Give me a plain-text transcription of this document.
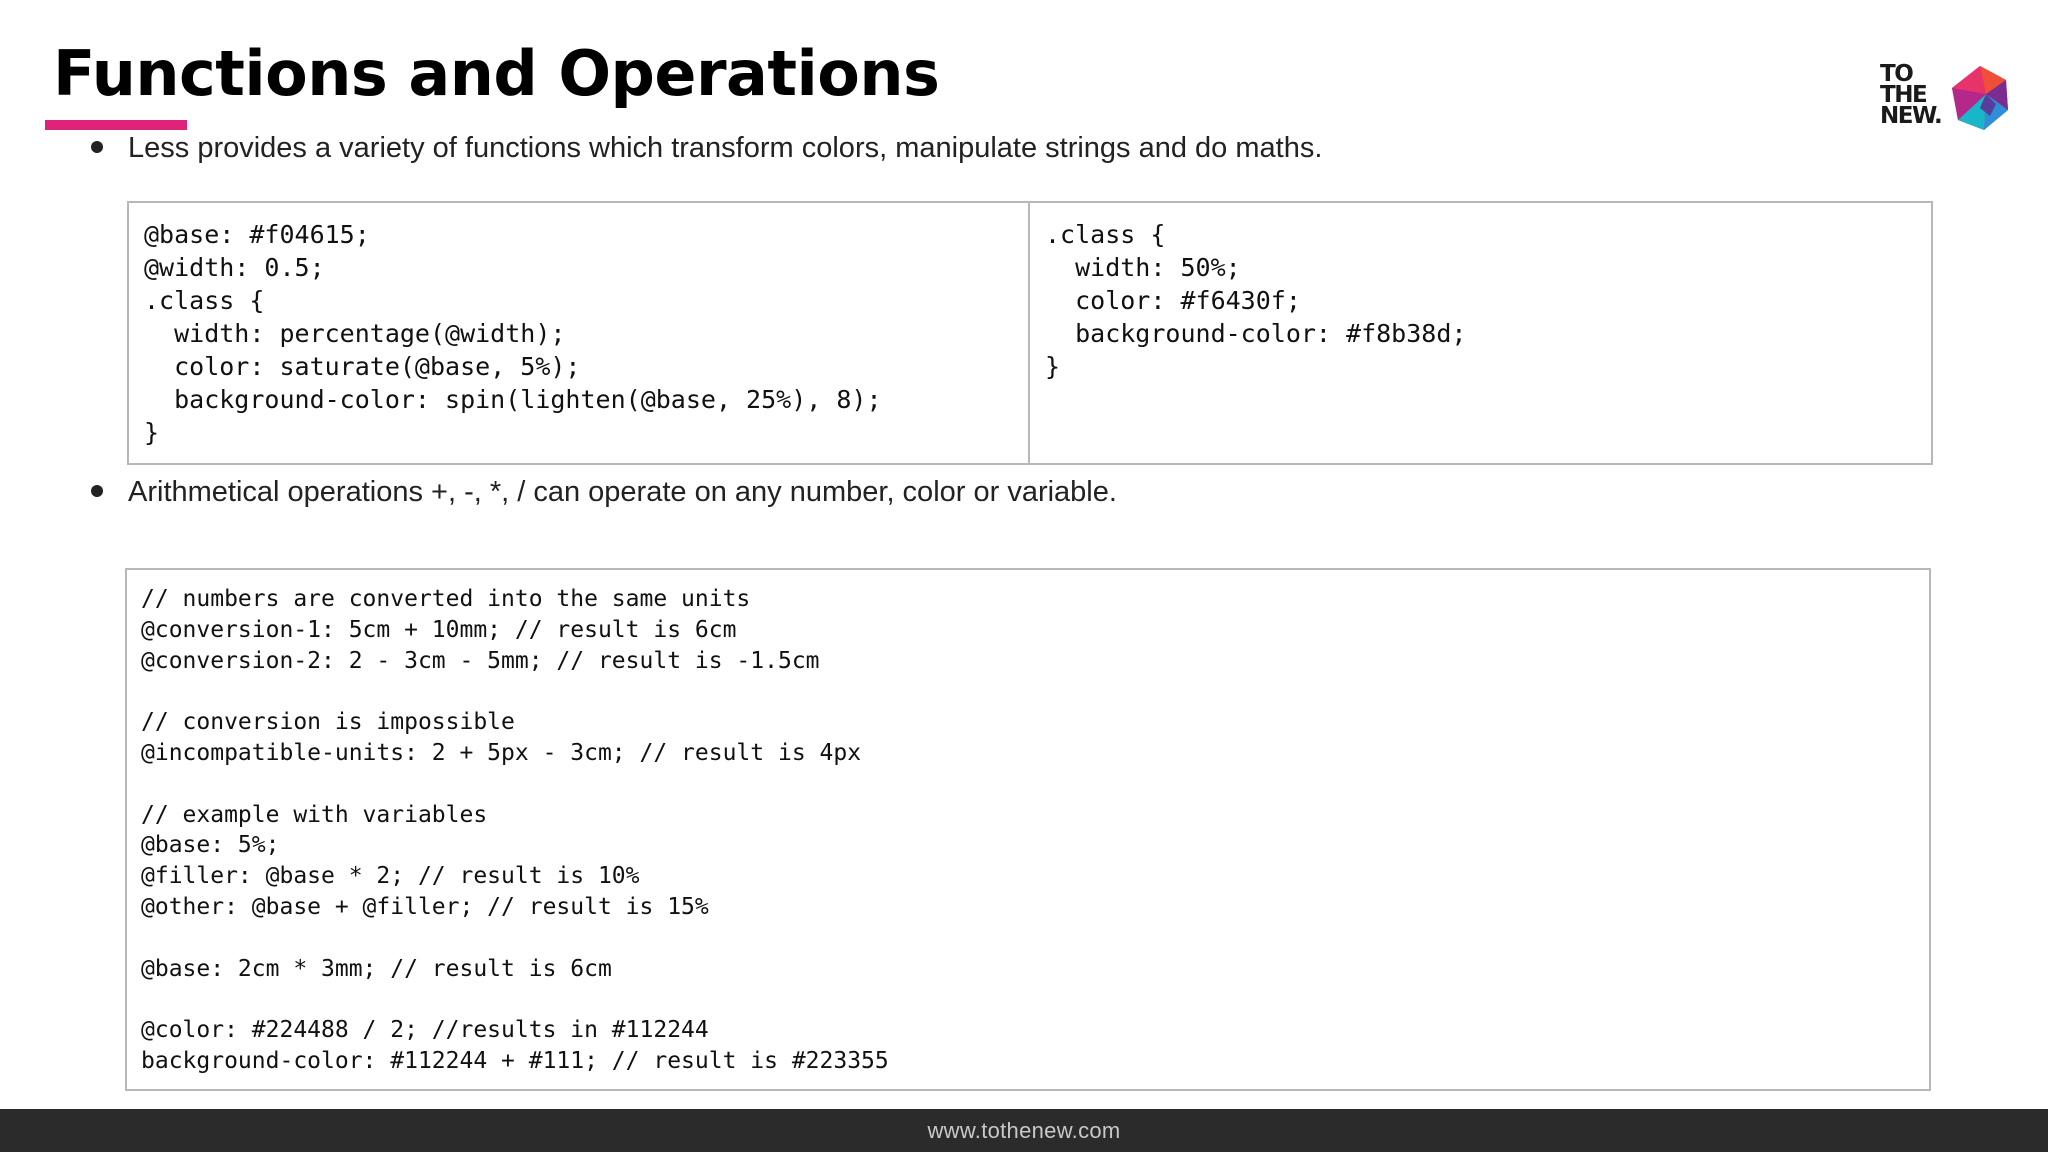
Functions and Operations	TO
THE
NEW.
Less provides a variety of functions which transform colors, manipulate strings and do maths.
@base: #f04615;
@width: 0.5;
.class {
width: percentage(@width);
color: saturate(@base, 5%);
background-color: spin(lighten(@base, 25%), 8);
}
.class {
width: 50%;
color: #f6430f;
background-color: #f8b38d;
}
Arithmetical operations +, -, *, / can operate on any number, color or variable.
// numbers are converted into the same units
@conversion-1: 5cm + 10mm; // result is 6cm
@conversion-2: 2 - 3cm - 5mm; // result is -1.5cm

// conversion is impossible
@incompatible-units: 2 + 5px - 3cm; // result is 4px

// example with variables
@base: 5%;
@filler: @base * 2; // result is 10%
@other: @base + @filler; // result is 15%

@base: 2cm * 3mm; // result is 6cm

@color: #224488 / 2; //results in #112244
background-color: #112244 + #111; // result is #223355
www.tothenew.com
